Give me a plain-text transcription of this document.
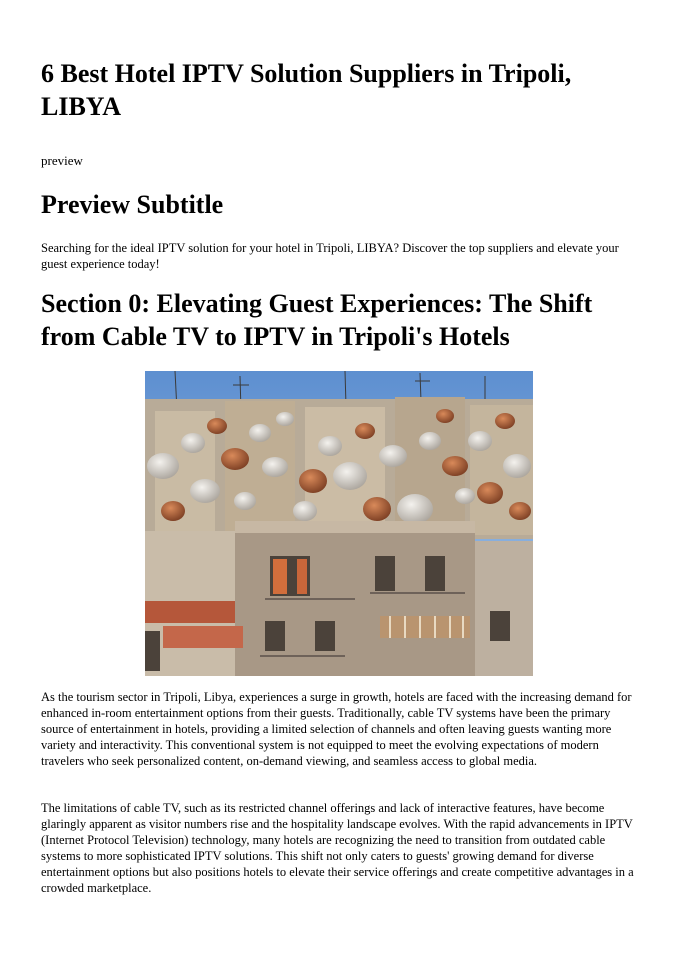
6 Best Hotel IPTV Solution Suppliers in Tripoli, LIBYA

preview

Preview Subtitle

Searching for the ideal IPTV solution for your hotel in Tripoli, LIBYA? Discover the top suppliers and elevate your guest experience today!

Section 0: Elevating Guest Experiences: The Shift from Cable TV to IPTV in Tripoli's Hotels

As the tourism sector in Tripoli, Libya, experiences a surge in growth, hotels are faced with the increasing demand for enhanced in-room entertainment options from their guests. Traditionally, cable TV systems have been the primary source of entertainment in hotels, providing a limited selection of channels and often leaving guests wanting more variety and interactivity. This conventional system is not equipped to meet the evolving expectations of modern travelers who seek personalized content, on-demand viewing, and seamless access to global media.

The limitations of cable TV, such as its restricted channel offerings and lack of interactive features, have become glaringly apparent as visitor numbers rise and the hospitality landscape evolves. With the rapid advancements in IPTV (Internet Protocol Television) technology, many hotels are recognizing the need to transition from outdated cable systems to more sophisticated IPTV solutions. This shift not only caters to guests' growing demand for diverse entertainment options but also positions hotels to elevate their service offerings and create competitive advantages in a crowded marketplace.
